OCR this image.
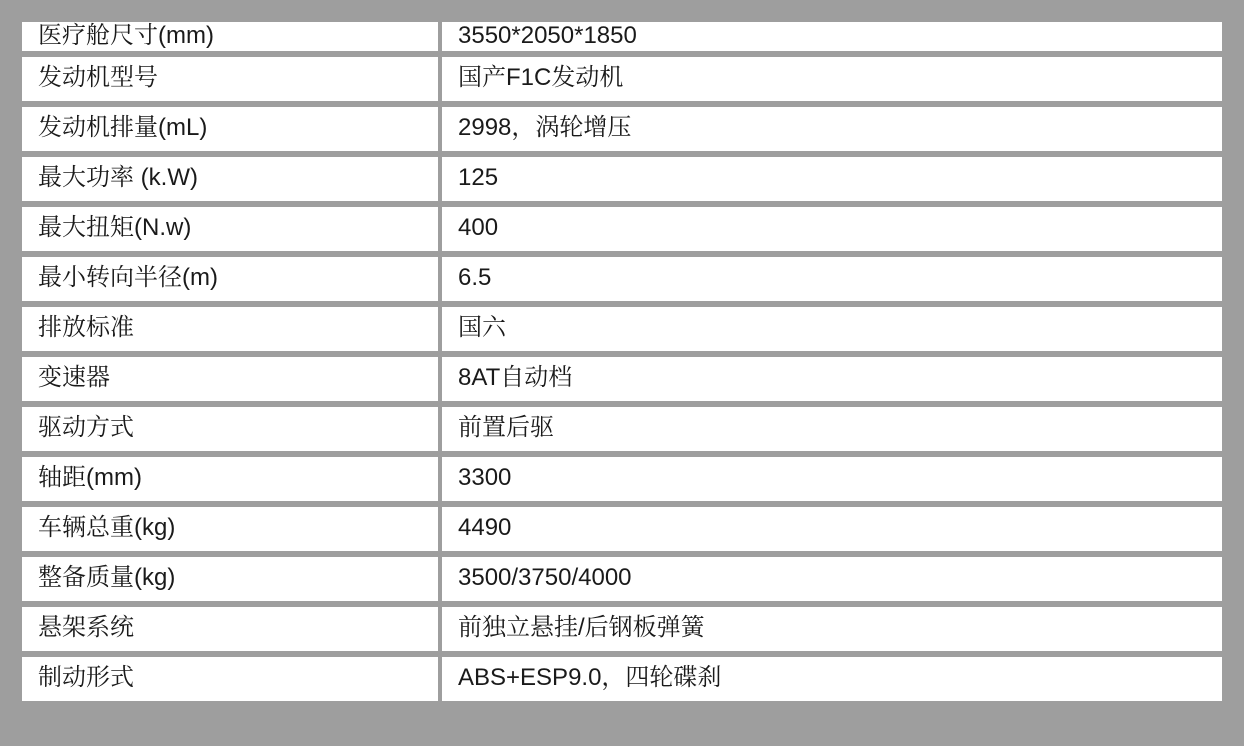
医疗舱尺寸(mm)	3550*2050*1850
发动机型号	国产F1C发动机
发动机排量(mL)	2998，涡轮增压
最大功率 (k.W)	125
最大扭矩(N.w)	400
最小转向半径(m)	6.5
排放标准	国六
变速器	8AT自动档
驱动方式	前置后驱
轴距(mm)	3300
车辆总重(kg)	4490
整备质量(kg)	3500/3750/4000
悬架系统	前独立悬挂/后钢板弹簧
制动形式	ABS+ESP9.0，四轮碟刹
